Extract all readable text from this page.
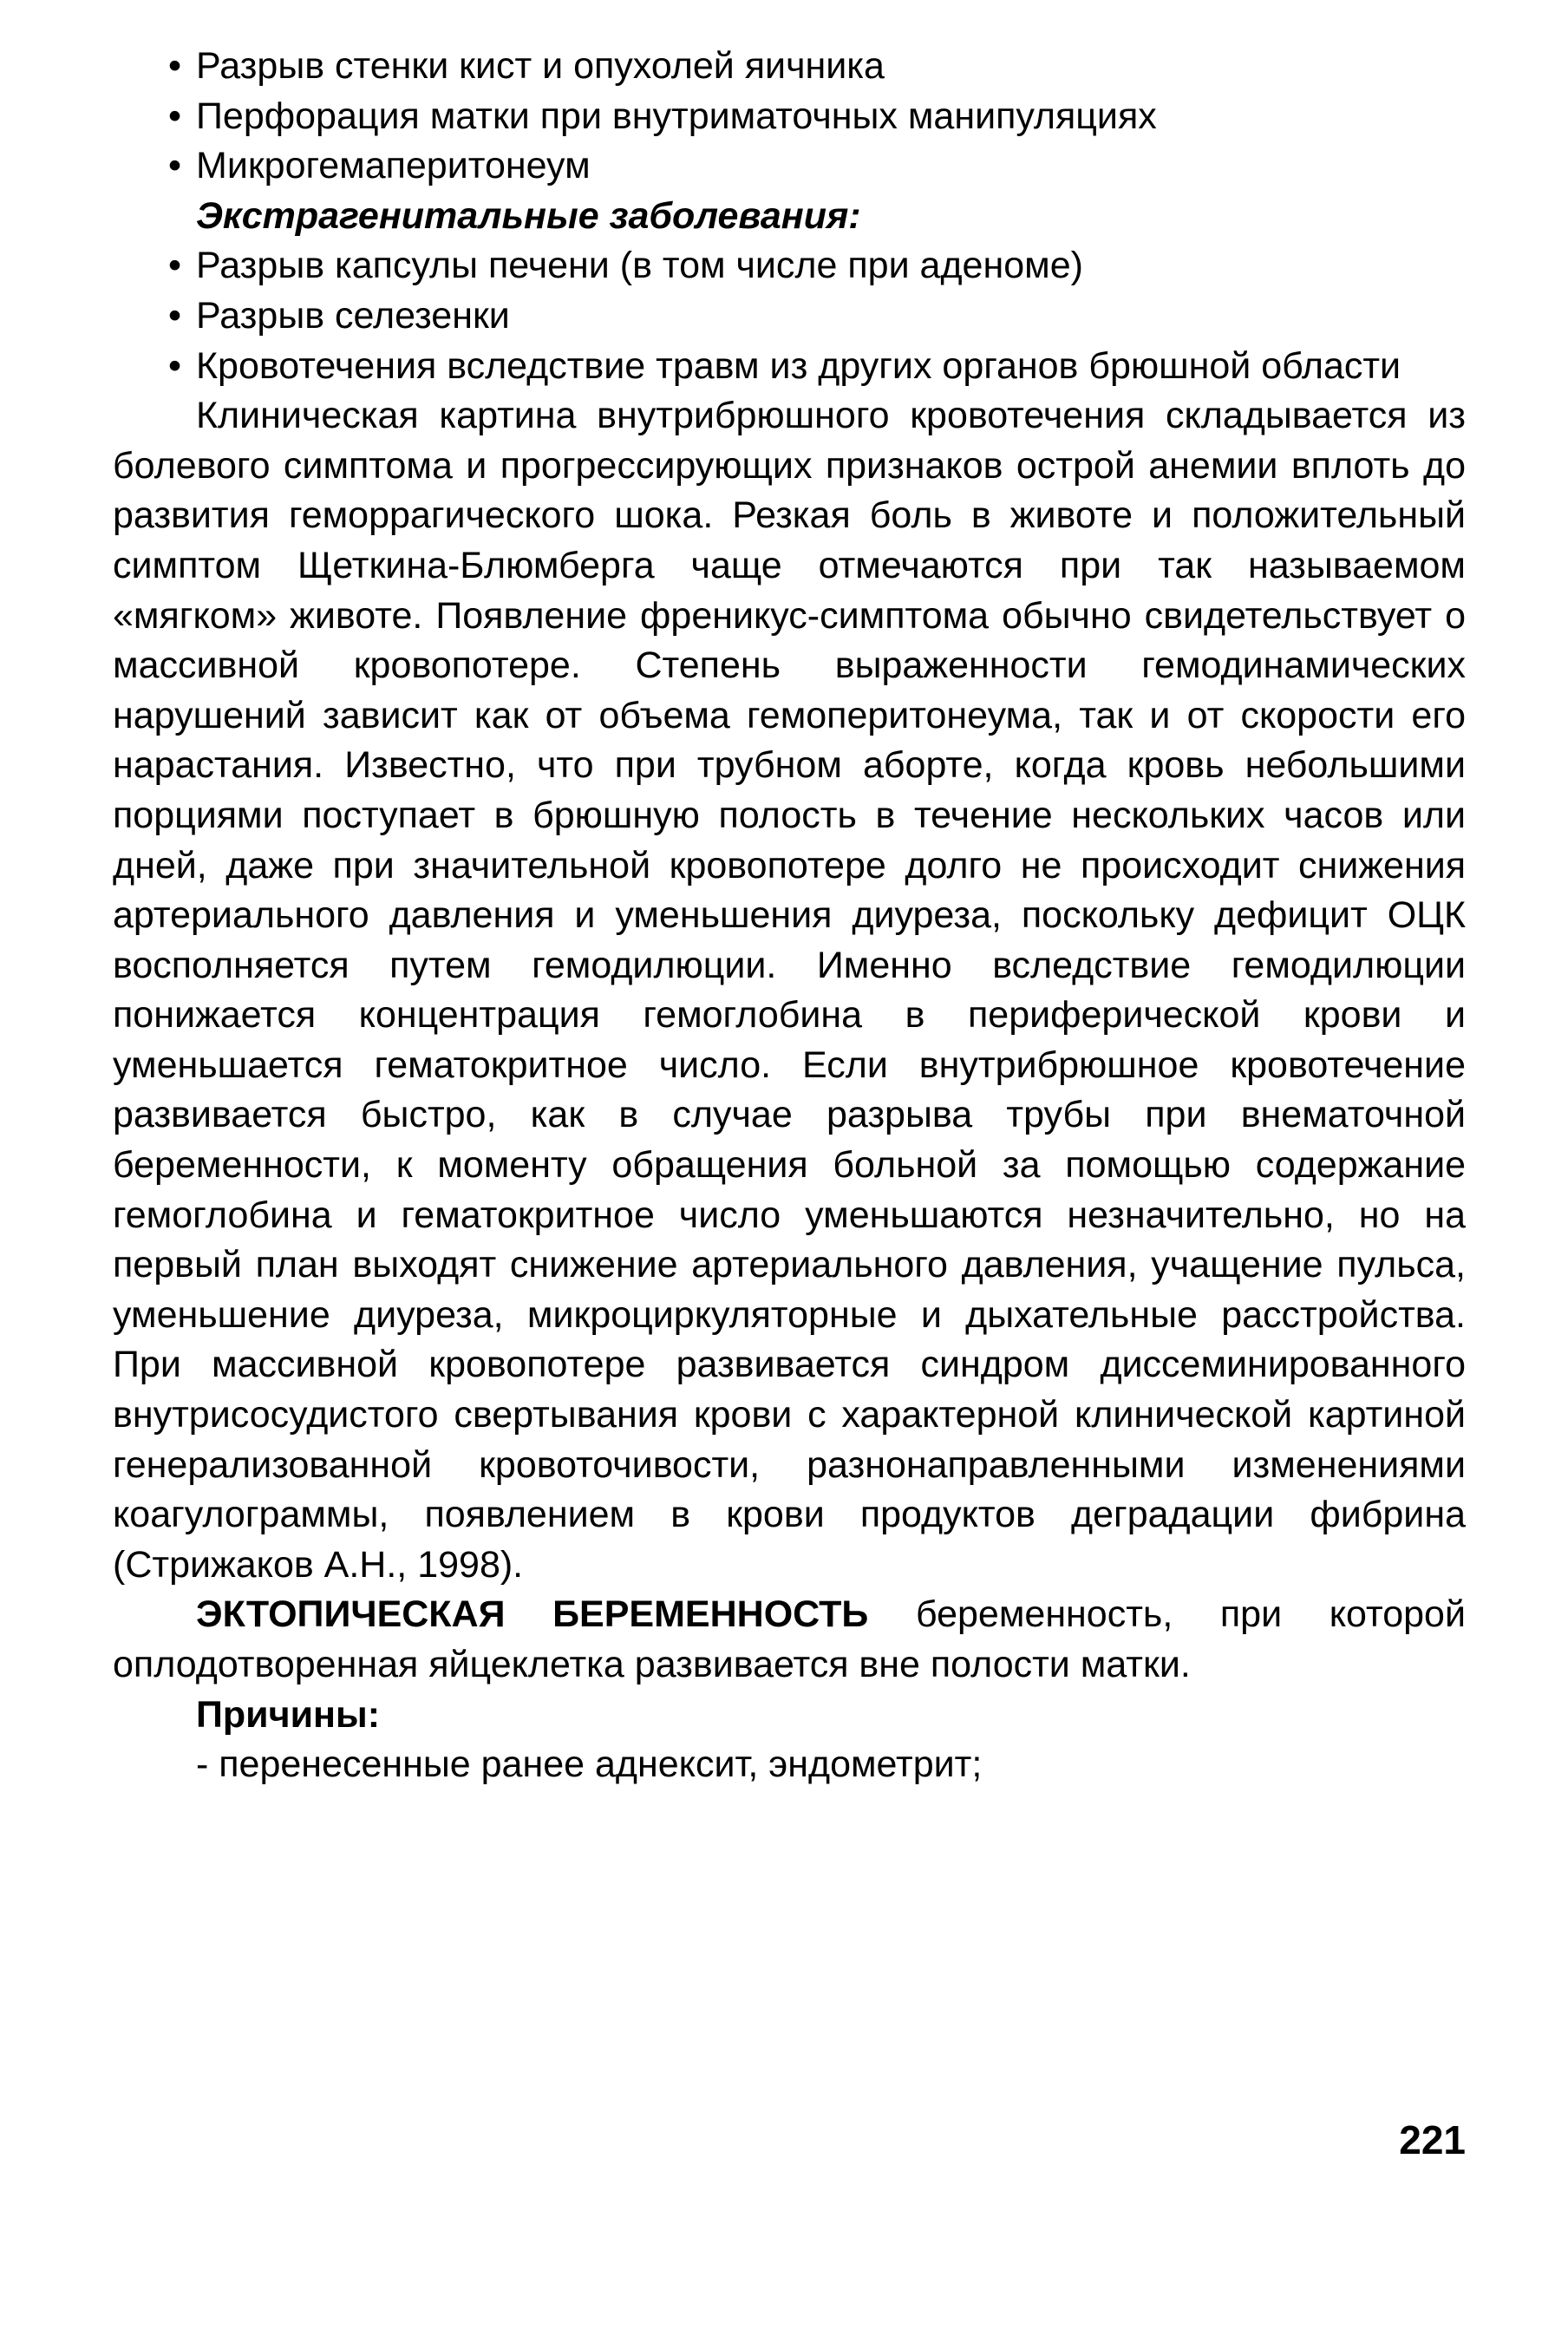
• Разрыв стенки кист и опухолей яичника

• Перфорация матки при внутриматочных манипуляциях

• Микрогемаперитонеум

Экстрагенитальные заболевания:

• Разрыв капсулы печени (в том числе при аденоме)

• Разрыв селезенки

• Кровотечения вследствие травм из других органов брюшной области

Клиническая картина внутрибрюшного кровотечения складывается из болевого симптома и прогрессирующих признаков острой анемии вплоть до развития геморрагического шока. Резкая боль в животе и положительный симптом Щеткина-Блюмберга чаще отмечаются при так называемом «мягком» животе. Появление френикус-симптома обычно свидетельствует о массивной кровопотере. Степень выраженности гемодинамических нарушений зависит как от объема гемоперитонеума, так и от скорости его нарастания. Известно, что при трубном аборте, когда кровь небольшими порциями поступает в брюшную полость в течение нескольких часов или дней, даже при значительной кровопотере долго не происходит снижения артериального давления и уменьшения диуреза, поскольку дефицит ОЦК восполняется путем гемодилюции. Именно вследствие гемодилюции понижается концентрация гемоглобина в периферической крови и уменьшается гематокритное число. Если внутрибрюшное кровотечение развивается быстро, как в случае разрыва трубы при внематочной беременности, к моменту обращения больной за помощью содержание гемоглобина и гематокритное число уменьшаются незначительно, но на первый план выходят снижение артериального давления, учащение пульса, уменьшение диуреза, микроциркуляторные и дыхательные расстройства. При массивной кровопотере развивается синдром диссеминированного внутрисосудистого свертывания крови с характерной клинической картиной генерализованной кровоточивости, разнонаправленными изменениями коагулограммы, появлением в крови продуктов деградации фибрина (Стрижаков А.Н., 1998).

ЭКТОПИЧЕСКАЯ БЕРЕМЕННОСТЬ беременность, при которой оплодотворенная яйцеклетка развивается вне полости матки.

Причины:

- перенесенные ранее аднексит, эндометрит;

221
